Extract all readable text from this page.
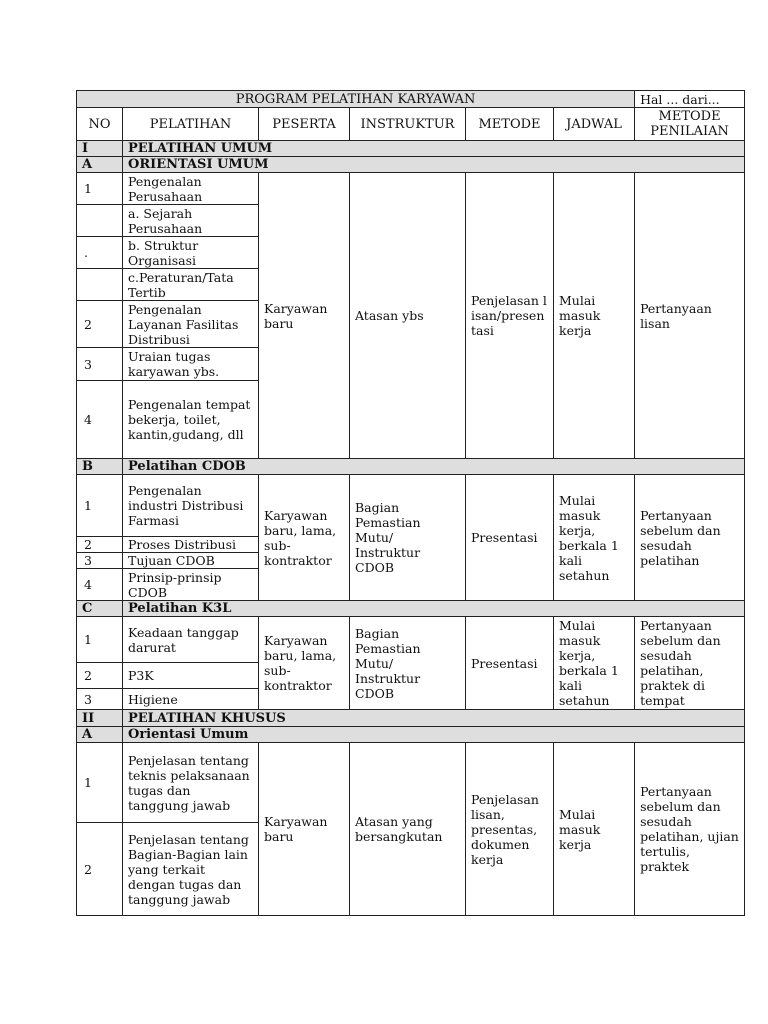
PROGRAM PELATIHAN KARYAWAN						Hal ... dari...
NO	PELATIHAN	PESERTA	INSTRUKTUR	METODE	JADWAL	METODE PENILAIAN
I	PELATIHAN UMUM					
A	ORIENTASI UMUM					
1	Pengenalan Perusahaan	Karyawan baru	Atasan ybs	Penjelasan lisan/presentasi	Mulai masuk kerja	Pertanyaan lisan
	a. Sejarah Perusahaan					
.	b. Struktur Organisasi					
	c.Peraturan/Tata Tertib					
2	Pengenalan Layanan Fasilitas Distribusi					
3	Uraian tugas karyawan ybs.					
4	Pengenalan tempat bekerja, toilet, kantin,gudang, dll					
B	Pelatihan CDOB					
1	Pengenalan industri Distribusi Farmasi	Karyawan baru, lama, sub-kontraktor	Bagian Pemastian Mutu/ Instruktur CDOB	Presentasi	Mulai masuk kerja, berkala 1 kali setahun	Pertanyaan sebelum dan sesudah pelatihan
2	Proses Distribusi					
3	Tujuan CDOB					
4	Prinsip-prinsip CDOB					
C	Pelatihan K3L					
1	Keadaan tanggap darurat	Karyawan baru, lama, sub-kontraktor	Bagian Pemastian Mutu/ Instruktur CDOB	Presentasi	Mulai masuk kerja, berkala 1 kali setahun	Pertanyaan sebelum dan sesudah pelatihan, praktek di tempat
2	P3K					
3	Higiene					
II	PELATIHAN KHUSUS					
A	Orientasi Umum					
1	Penjelasan tentang teknis pelaksanaan tugas dan tanggung jawab	Karyawan baru	Atasan yang bersangkutan	Penjelasan lisan, presentas, dokumen kerja	Mulai masuk kerja	Pertanyaan sebelum dan sesudah pelatihan, ujian tertulis, praktek
2	Penjelasan tentang Bagian-Bagian lain yang terkait dengan tugas dan tanggung jawab					
